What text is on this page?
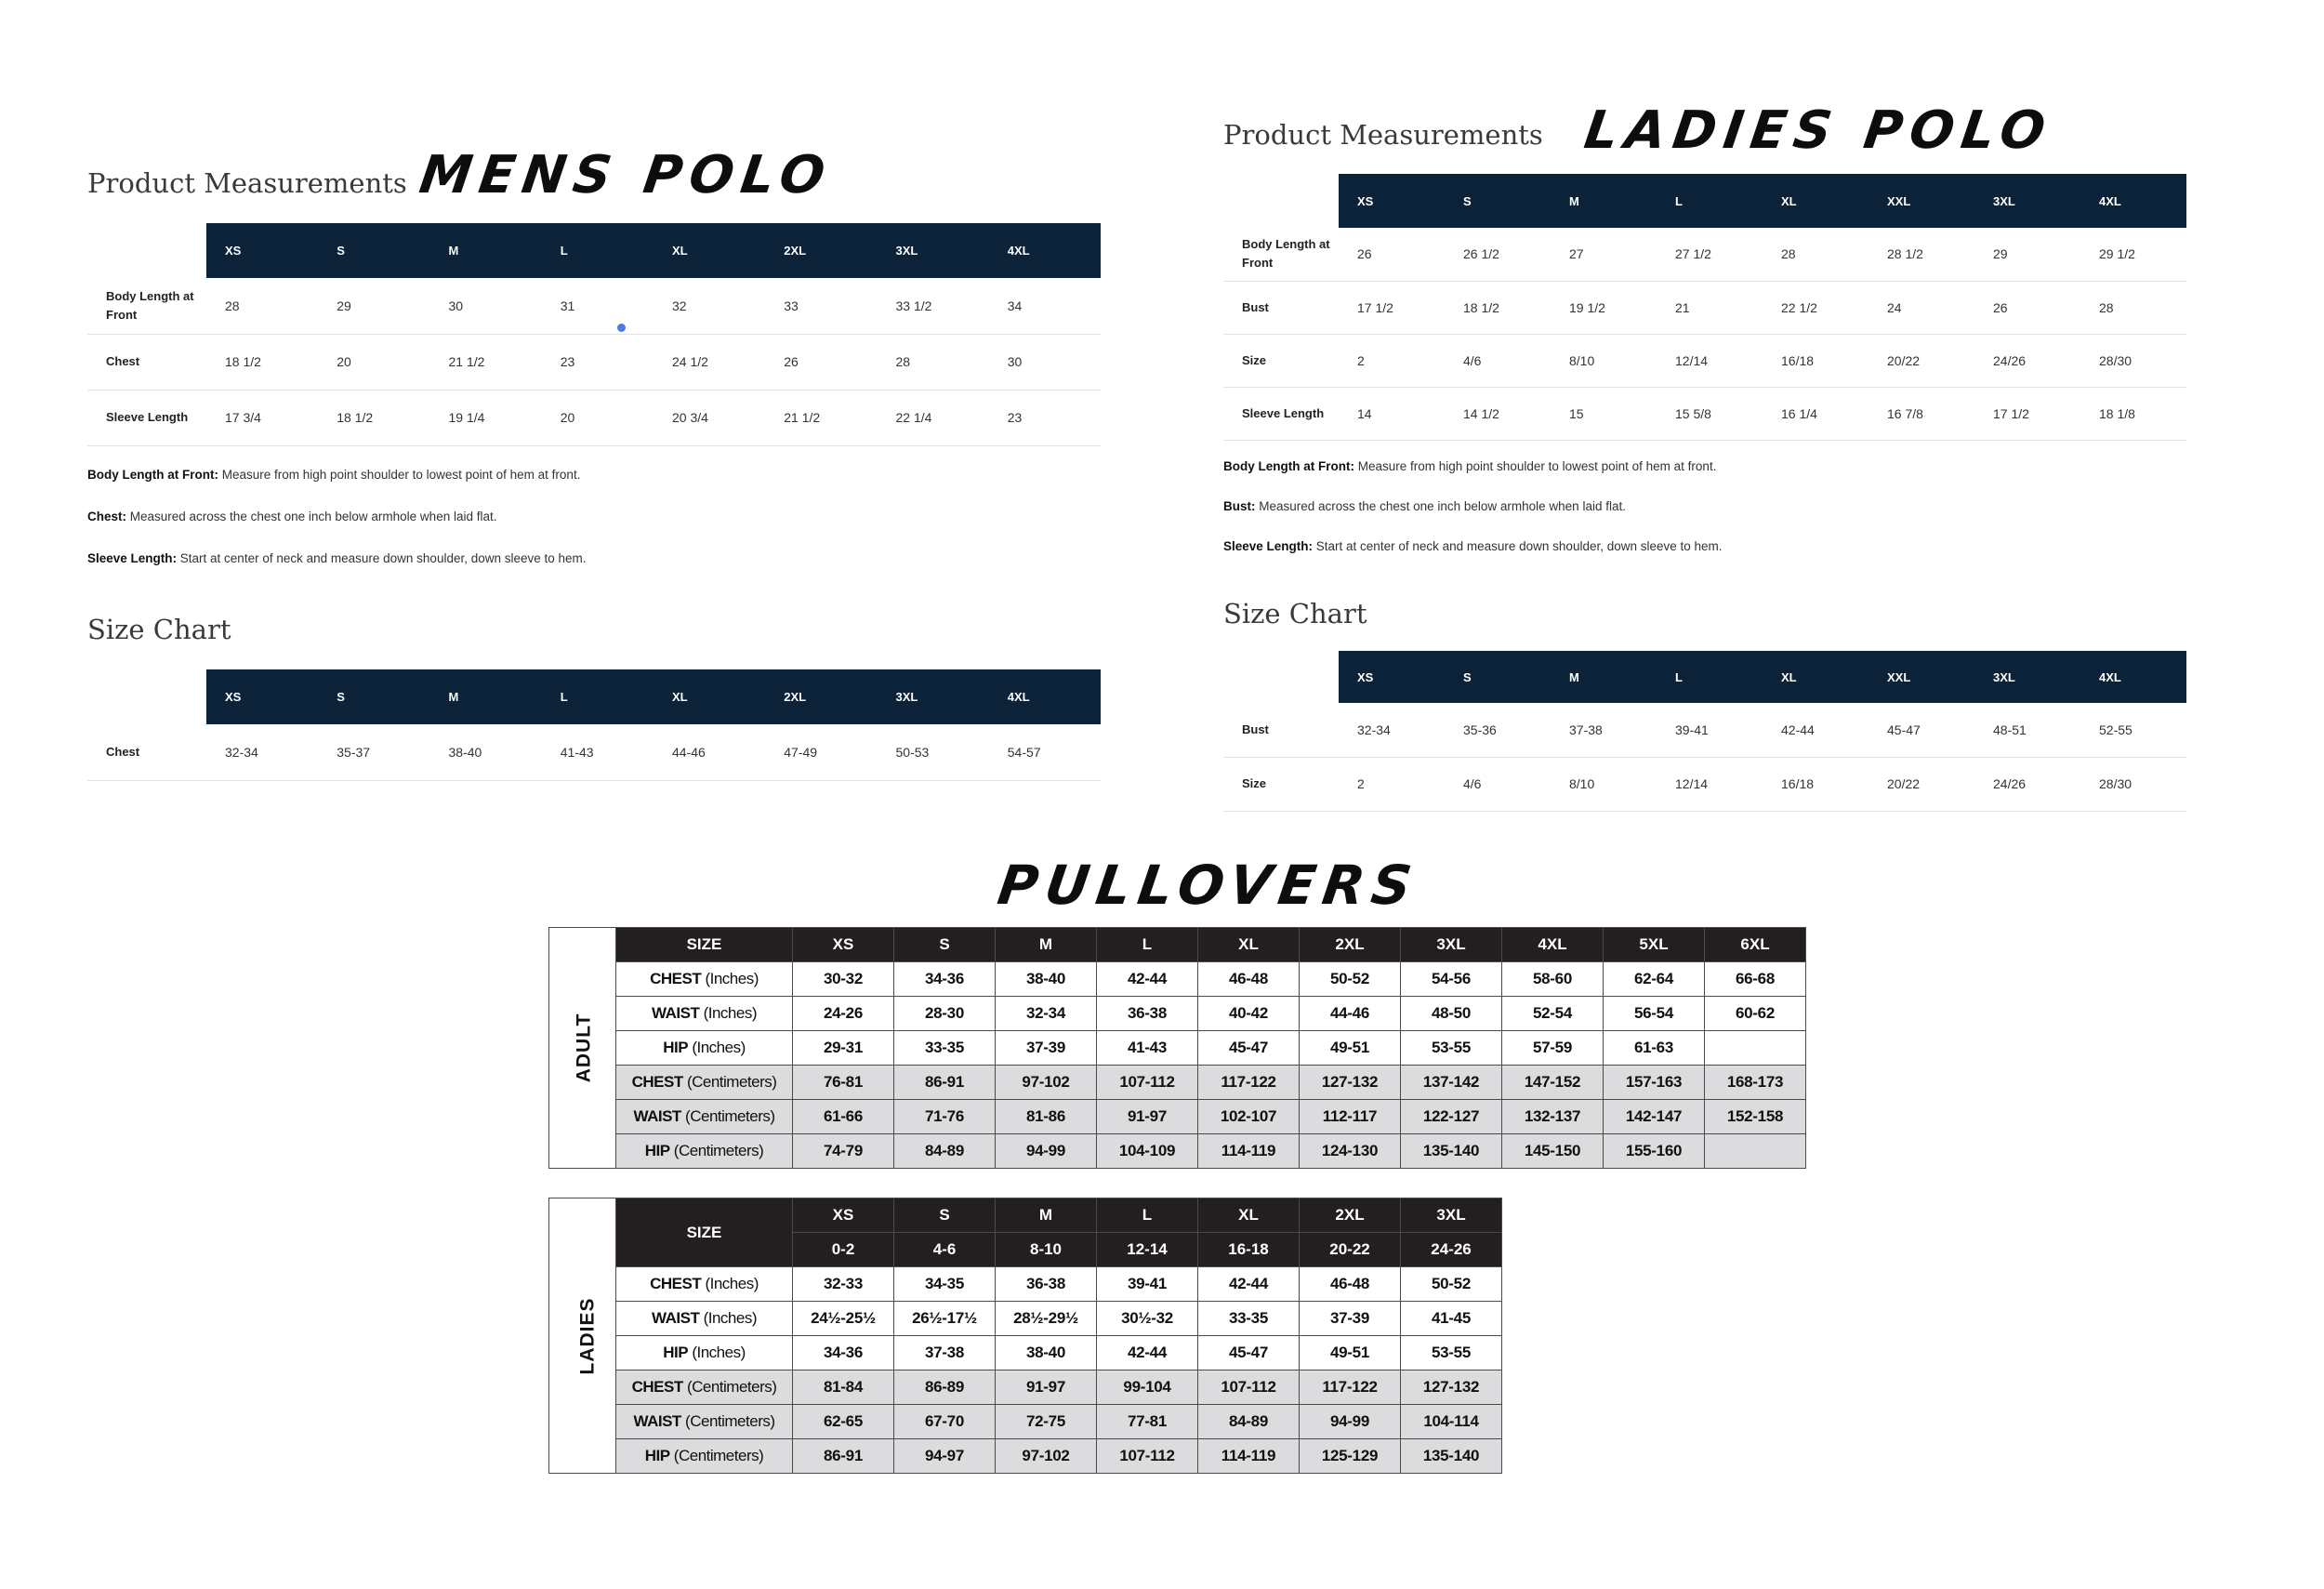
Product Measurements MENS POLO
	XS	S	M	L	XL	2XL	3XL	4XL
Body Length at Front	28	29	30	31	32	33	33 1/2	34
Chest	18 1/2	20	21 1/2	23	24 1/2	26	28	30
Sleeve Length	17 3/4	18 1/2	19 1/4	20	20 3/4	21 1/2	22 1/4	23
Body Length at Front: Measure from high point shoulder to lowest point of hem at front.
Chest: Measured across the chest one inch below armhole when laid flat.
Sleeve Length: Start at center of neck and measure down shoulder, down sleeve to hem.
Size Chart
	XS	S	M	L	XL	2XL	3XL	4XL
Chest	32-34	35-37	38-40	41-43	44-46	47-49	50-53	54-57
Product Measurements LADIES POLO
	XS	S	M	L	XL	XXL	3XL	4XL
Body Length at Front	26	26 1/2	27	27 1/2	28	28 1/2	29	29 1/2
Bust	17 1/2	18 1/2	19 1/2	21	22 1/2	24	26	28
Size	2	4/6	8/10	12/14	16/18	20/22	24/26	28/30
Sleeve Length	14	14 1/2	15	15 5/8	16 1/4	16 7/8	17 1/2	18 1/8
Body Length at Front: Measure from high point shoulder to lowest point of hem at front.
Bust: Measured across the chest one inch below armhole when laid flat.
Sleeve Length: Start at center of neck and measure down shoulder, down sleeve to hem.
Size Chart
	XS	S	M	L	XL	XXL	3XL	4XL
Bust	32-34	35-36	37-38	39-41	42-44	45-47	48-51	52-55
Size	2	4/6	8/10	12/14	16/18	20/22	24/26	28/30
PULLOVERS
ADULT	SIZE	XS	S	M	L	XL	2XL	3XL	4XL	5XL	6XL
	CHEST (Inches)	30-32	34-36	38-40	42-44	46-48	50-52	54-56	58-60	62-64	66-68
	WAIST (Inches)	24-26	28-30	32-34	36-38	40-42	44-46	48-50	52-54	56-54	60-62
	HIP (Inches)	29-31	33-35	37-39	41-43	45-47	49-51	53-55	57-59	61-63	
	CHEST (Centimeters)	76-81	86-91	97-102	107-112	117-122	127-132	137-142	147-152	157-163	168-173
	WAIST (Centimeters)	61-66	71-76	81-86	91-97	102-107	112-117	122-127	132-137	142-147	152-158
	HIP (Centimeters)	74-79	84-89	94-99	104-109	114-119	124-130	135-140	145-150	155-160	
LADIES	SIZE	XS	S	M	L	XL	2XL	3XL
		0-2	4-6	8-10	12-14	16-18	20-22	24-26
	CHEST (Inches)	32-33	34-35	36-38	39-41	42-44	46-48	50-52
	WAIST (Inches)	24½-25½	26½-17½	28½-29½	30½-32	33-35	37-39	41-45
	HIP (Inches)	34-36	37-38	38-40	42-44	45-47	49-51	53-55
	CHEST (Centimeters)	81-84	86-89	91-97	99-104	107-112	117-122	127-132
	WAIST (Centimeters)	62-65	67-70	72-75	77-81	84-89	94-99	104-114
	HIP (Centimeters)	86-91	94-97	97-102	107-112	114-119	125-129	135-140
